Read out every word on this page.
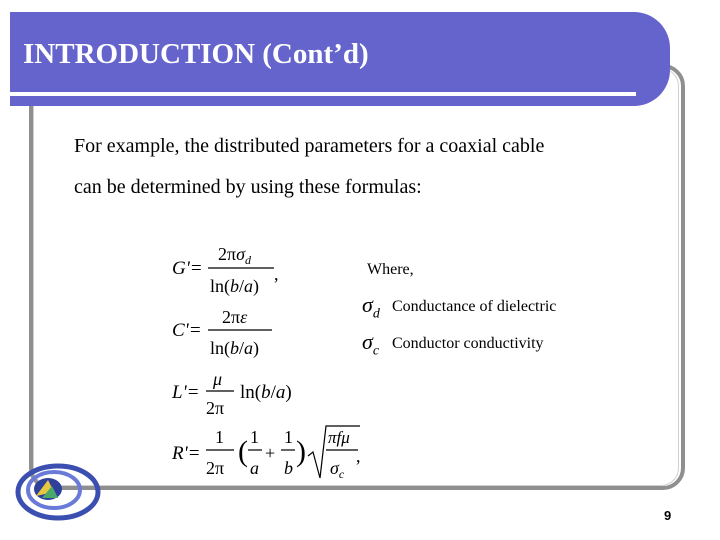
INTRODUCTION (Cont’d)
For example, the distributed parameters for a coaxial cable
can be determined by using these formulas:
G'=
$2\pi\sigma_d$
ln(b/a)
,
C'=
2πε
ln(b/a)
L'=
μ
2π
ln(b/a)
R'=
1
2π ( 1
a
+
1
b ) πfμ
$\sigma_c$
,
Where,
$\sigma_d$ Conductance of dielectric
$\sigma_c$ Conductor conductivity
9
